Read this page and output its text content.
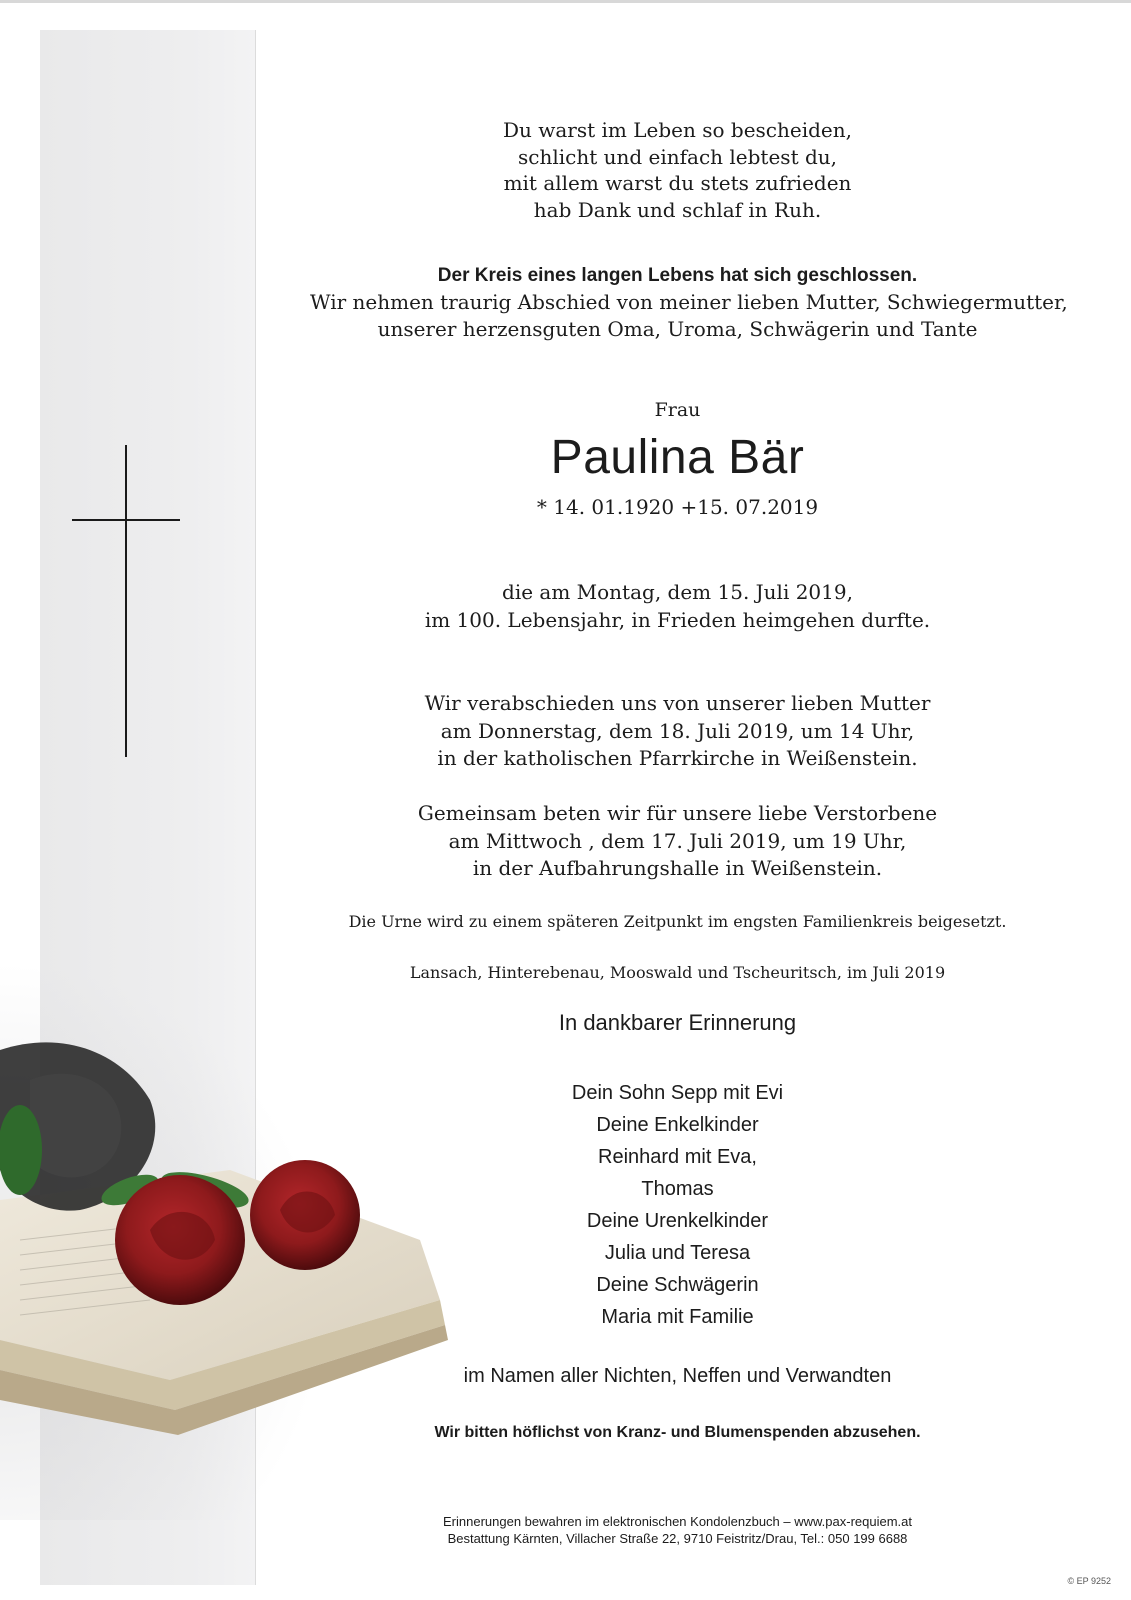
Du warst im Leben so bescheiden,
schlicht und einfach lebtest du,
mit allem warst du stets zufrieden
hab Dank und schlaf in Ruh.
Der Kreis eines langen Lebens hat sich geschlossen.
Wir nehmen traurig Abschied von meiner lieben Mutter, Schwiegermutter,
unserer herzensguten Oma, Uroma, Schwägerin und Tante
Frau
Paulina Bär
* 14. 01.1920 +15. 07.2019
die am Montag, dem 15. Juli 2019,
im 100. Lebensjahr, in Frieden heimgehen durfte.
Wir verabschieden uns von unserer lieben Mutter
am Donnerstag, dem 18. Juli 2019, um 14 Uhr,
in der katholischen Pfarrkirche in Weißenstein.
Gemeinsam beten wir für unsere liebe Verstorbene
am Mittwoch , dem 17. Juli 2019, um 19 Uhr,
in der Aufbahrungshalle in Weißenstein.
Die Urne wird zu einem späteren Zeitpunkt im engsten Familienkreis beigesetzt.
Lansach, Hinterebenau, Mooswald und Tscheuritsch, im Juli 2019
In dankbarer Erinnerung
Dein Sohn Sepp mit Evi
Deine Enkelkinder
Reinhard mit Eva,
Thomas
Deine Urenkelkinder
Julia und Teresa
Deine Schwägerin
Maria mit Familie
im Namen aller Nichten, Neffen und Verwandten
Wir bitten höflichst von Kranz- und Blumenspenden abzusehen.
Erinnerungen bewahren im elektronischen Kondolenzbuch – www.pax-requiem.at
Bestattung Kärnten, Villacher Straße 22, 9710 Feistritz/Drau, Tel.: 050 199 6688
© EP 9252
